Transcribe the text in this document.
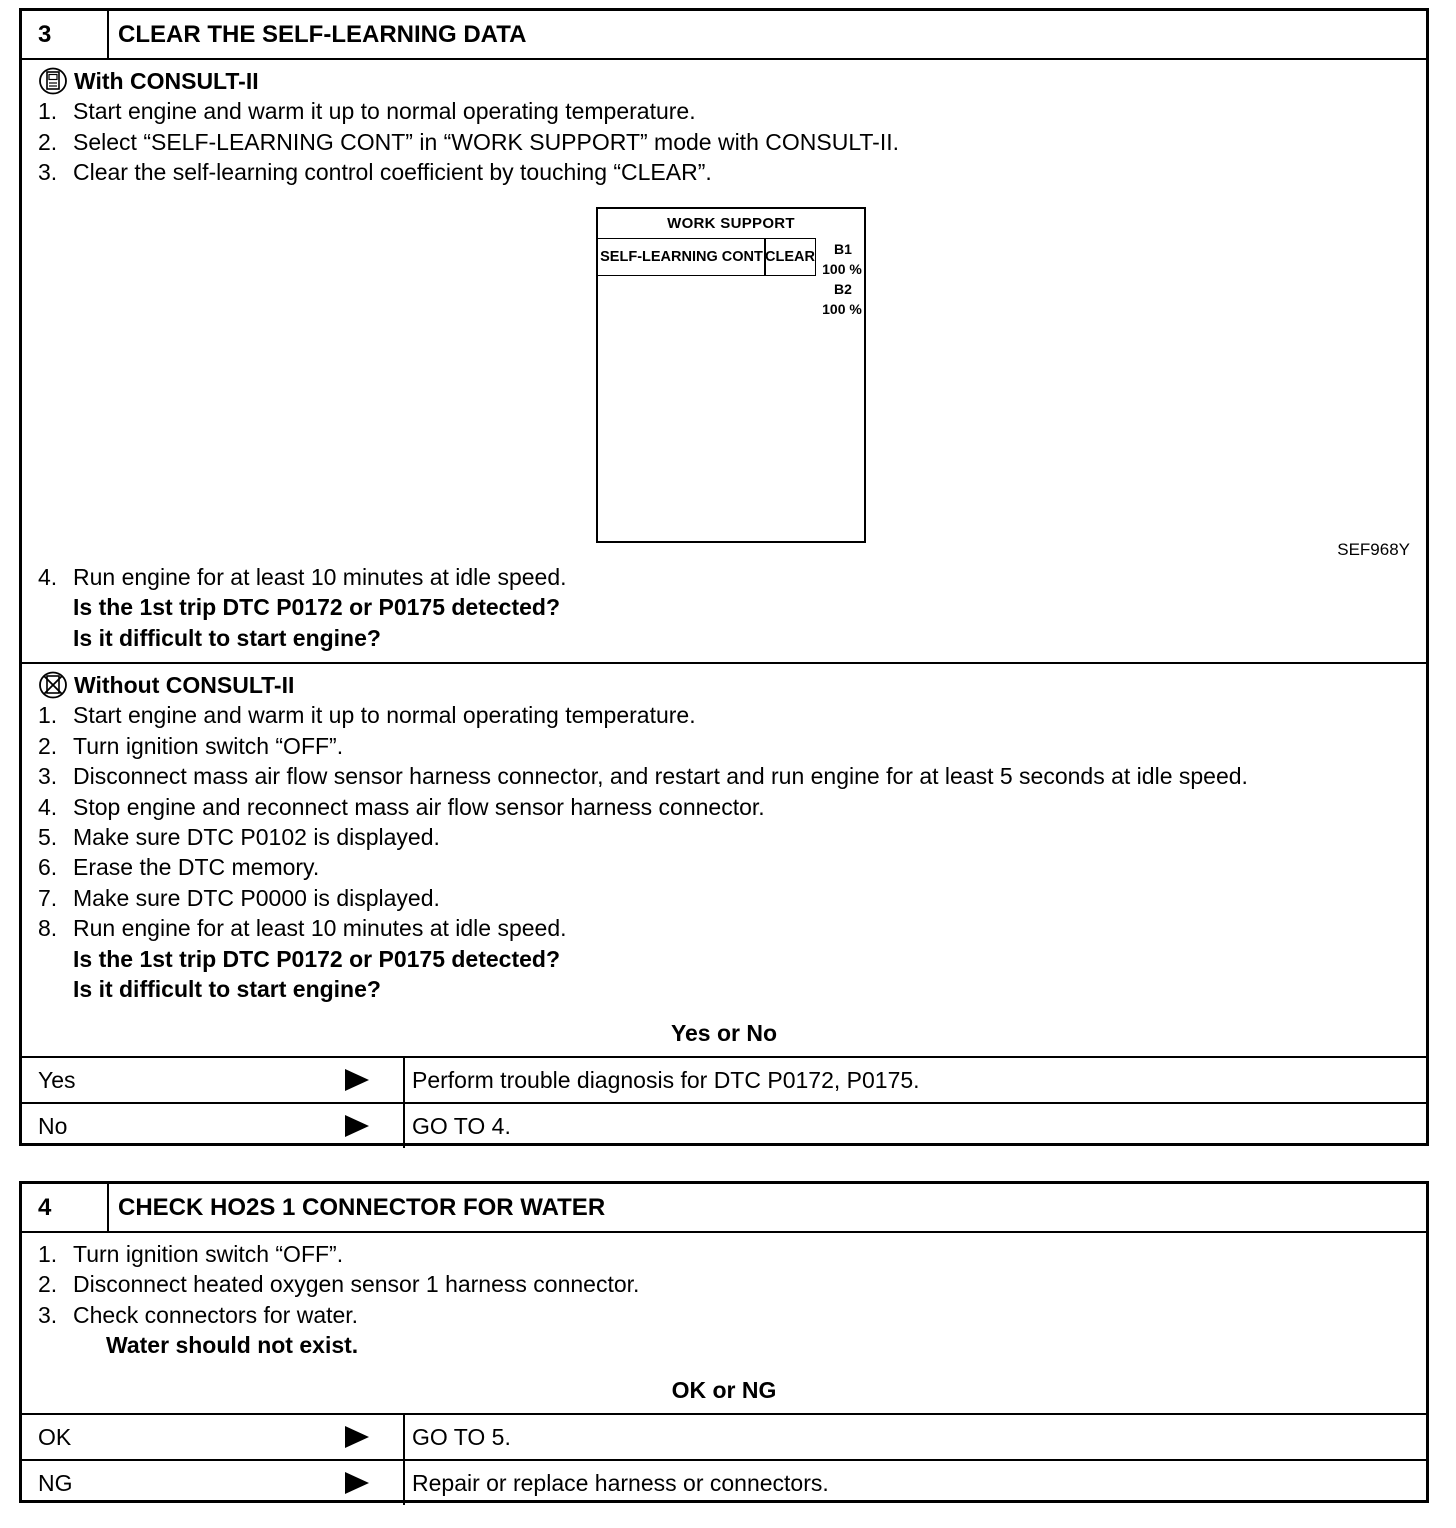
3	CLEAR THE SELF-LEARNING DATA
With CONSULT-II
1. Start engine and warm it up to normal operating temperature.
2. Select “SELF-LEARNING CONT” in “WORK SUPPORT” mode with CONSULT-II.
3. Clear the self-learning control coefficient by touching “CLEAR”.
WORK SUPPORT
SELF-LEARNING CONT CLEAR	B1
100 %
B2
100 %
SEF968Y
4. Run engine for at least 10 minutes at idle speed.
Is the 1st trip DTC P0172 or P0175 detected?
Is it difficult to start engine?
Without CONSULT-II
1. Start engine and warm it up to normal operating temperature.
2. Turn ignition switch “OFF”.
3. Disconnect mass air flow sensor harness connector, and restart and run engine for at least 5 seconds at idle speed.
4. Stop engine and reconnect mass air flow sensor harness connector.
5. Make sure DTC P0102 is displayed.
6. Erase the DTC memory.
7. Make sure DTC P0000 is displayed.
8. Run engine for at least 10 minutes at idle speed.
Is the 1st trip DTC P0172 or P0175 detected?
Is it difficult to start engine?
Yes or No
Yes	Perform trouble diagnosis for DTC P0172, P0175.
No	GO TO 4.
4	CHECK HO2S 1 CONNECTOR FOR WATER
1. Turn ignition switch “OFF”.
2. Disconnect heated oxygen sensor 1 harness connector.
3. Check connectors for water.
Water should not exist.
OK or NG
OK	GO TO 5.
NG	Repair or replace harness or connectors.
